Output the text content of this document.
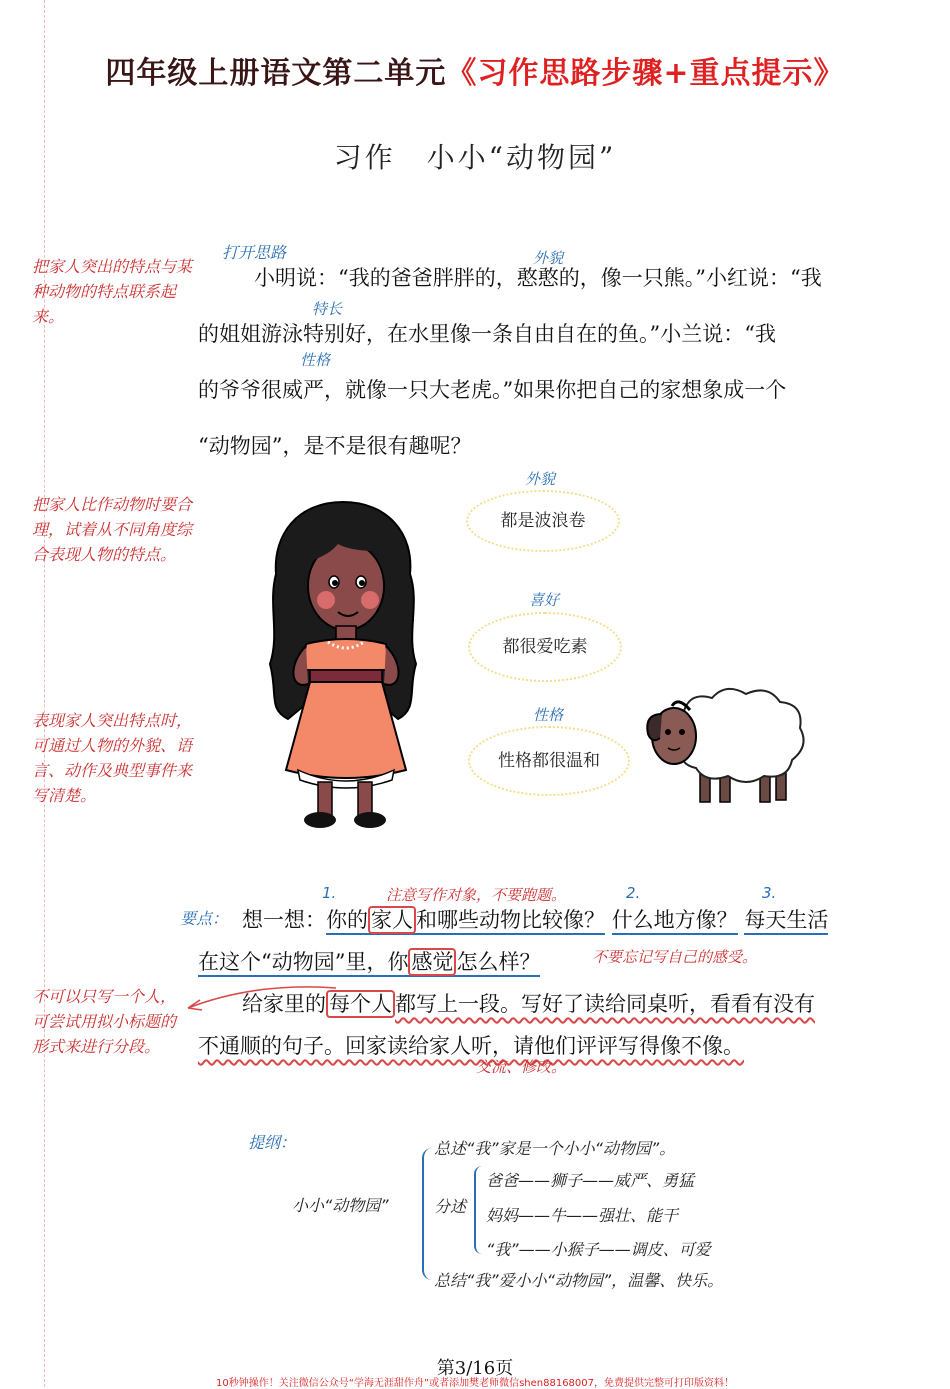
四年级上册语文第二单元《习作思路步骤+重点提示》
习作　小小“动物园”
把家人突出的特点与某种动物的特点联系起来。
把家人比作动物时要合理，试着从不同角度综合表现人物的特点。
表现家人突出特点时，可通过人物的外貌、语言、动作及典型事件来写清楚。
不可以只写一个人，可尝试用拟小标题的形式来进行分段。
打开思路	外貌
特长
性格
小明说：“我的爸爸胖胖的，憨憨的，像一只熊。”小红说：“我
的姐姐游泳特别好，在水里像一条自由自在的鱼。”小兰说：“我
的爷爷很威严，就像一只大老虎。”如果你把自己的家想象成一个
“动物园”，是不是很有趣呢？
外貌
都是波浪卷
喜好
都很爱吃素
性格
性格都很温和
1.	注意写作对象，不要跑题。	2.	3.
要点： 想一想：你的 家人 和哪些动物比较像？ 什么地方像？ 每天生活
在这个“动物园”里，你 感觉 怎么样？
给家里的 每个人 都写上一段。写好了读给同桌听，看看有没有
不通顺的句子。回家读给家人听，请他们评评写得像不像。
不要忘记写自己的感受。
交流、修改。
提纲：
小小“动物园”
总述“我”家是一个小小“动物园”。
分述
爸爸——狮子——威严、勇猛
妈妈——牛——强壮、能干
“我”——小猴子——调皮、可爱
总结“我”爱小小“动物园”，温馨、快乐。
第3/16页
10秒钟操作！关注微信公众号“学海无涯甜作舟”或者添加樊老师微信shen88168007，免费提供完整可打印版资料！
